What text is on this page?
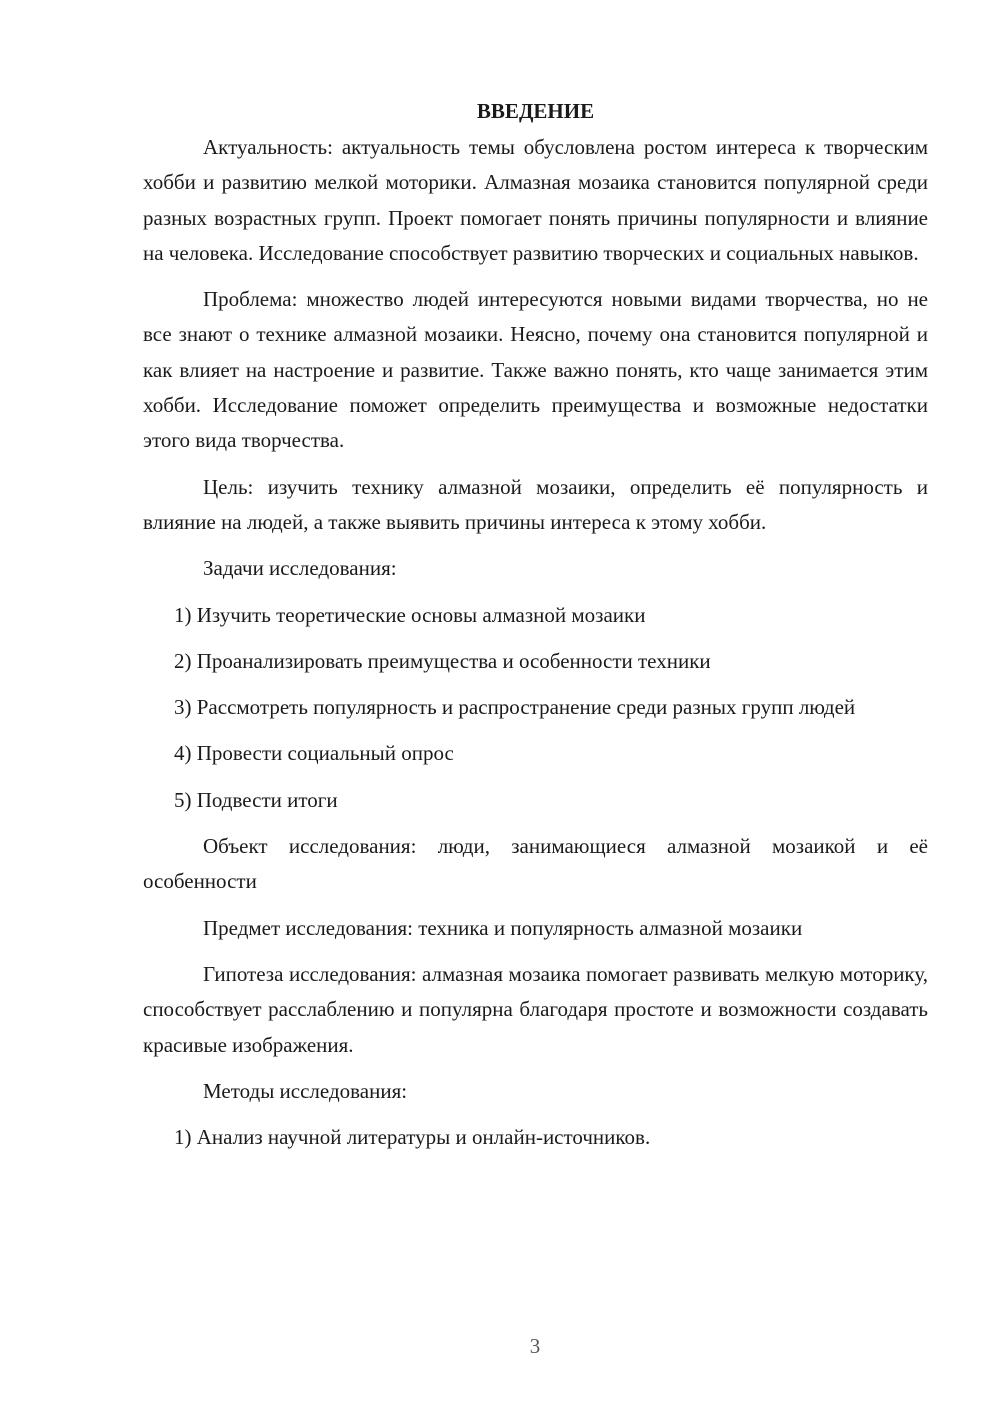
ВВЕДЕНИЕ

Актуальность: актуальность темы обусловлена ростом интереса к творческим хобби и развитию мелкой моторики. Алмазная мозаика становится популярной среди разных возрастных групп. Проект помогает понять причины популярности и влияние на человека. Исследование способствует развитию творческих и социальных навыков.

Проблема: множество людей интересуются новыми видами творчества, но не все знают о технике алмазной мозаики. Неясно, почему она становится популярной и как влияет на настроение и развитие. Также важно понять, кто чаще занимается этим хобби. Исследование поможет определить преимущества и возможные недостатки этого вида творчества.

Цель: изучить технику алмазной мозаики, определить её популярность и влияние на людей, а также выявить причины интереса к этому хобби.

Задачи исследования:

1) Изучить теоретические основы алмазной мозаики

2) Проанализировать преимущества и особенности техники

3) Рассмотреть популярность и распространение среди разных групп людей

4) Провести социальный опрос

5) Подвести итоги

Объект исследования: люди, занимающиеся алмазной мозаикой и её особенности

Предмет исследования: техника и популярность алмазной мозаики

Гипотеза исследования: алмазная мозаика помогает развивать мелкую моторику, способствует расслаблению и популярна благодаря простоте и возможности создавать красивые изображения.

Методы исследования:

1) Анализ научной литературы и онлайн-источников.

3
